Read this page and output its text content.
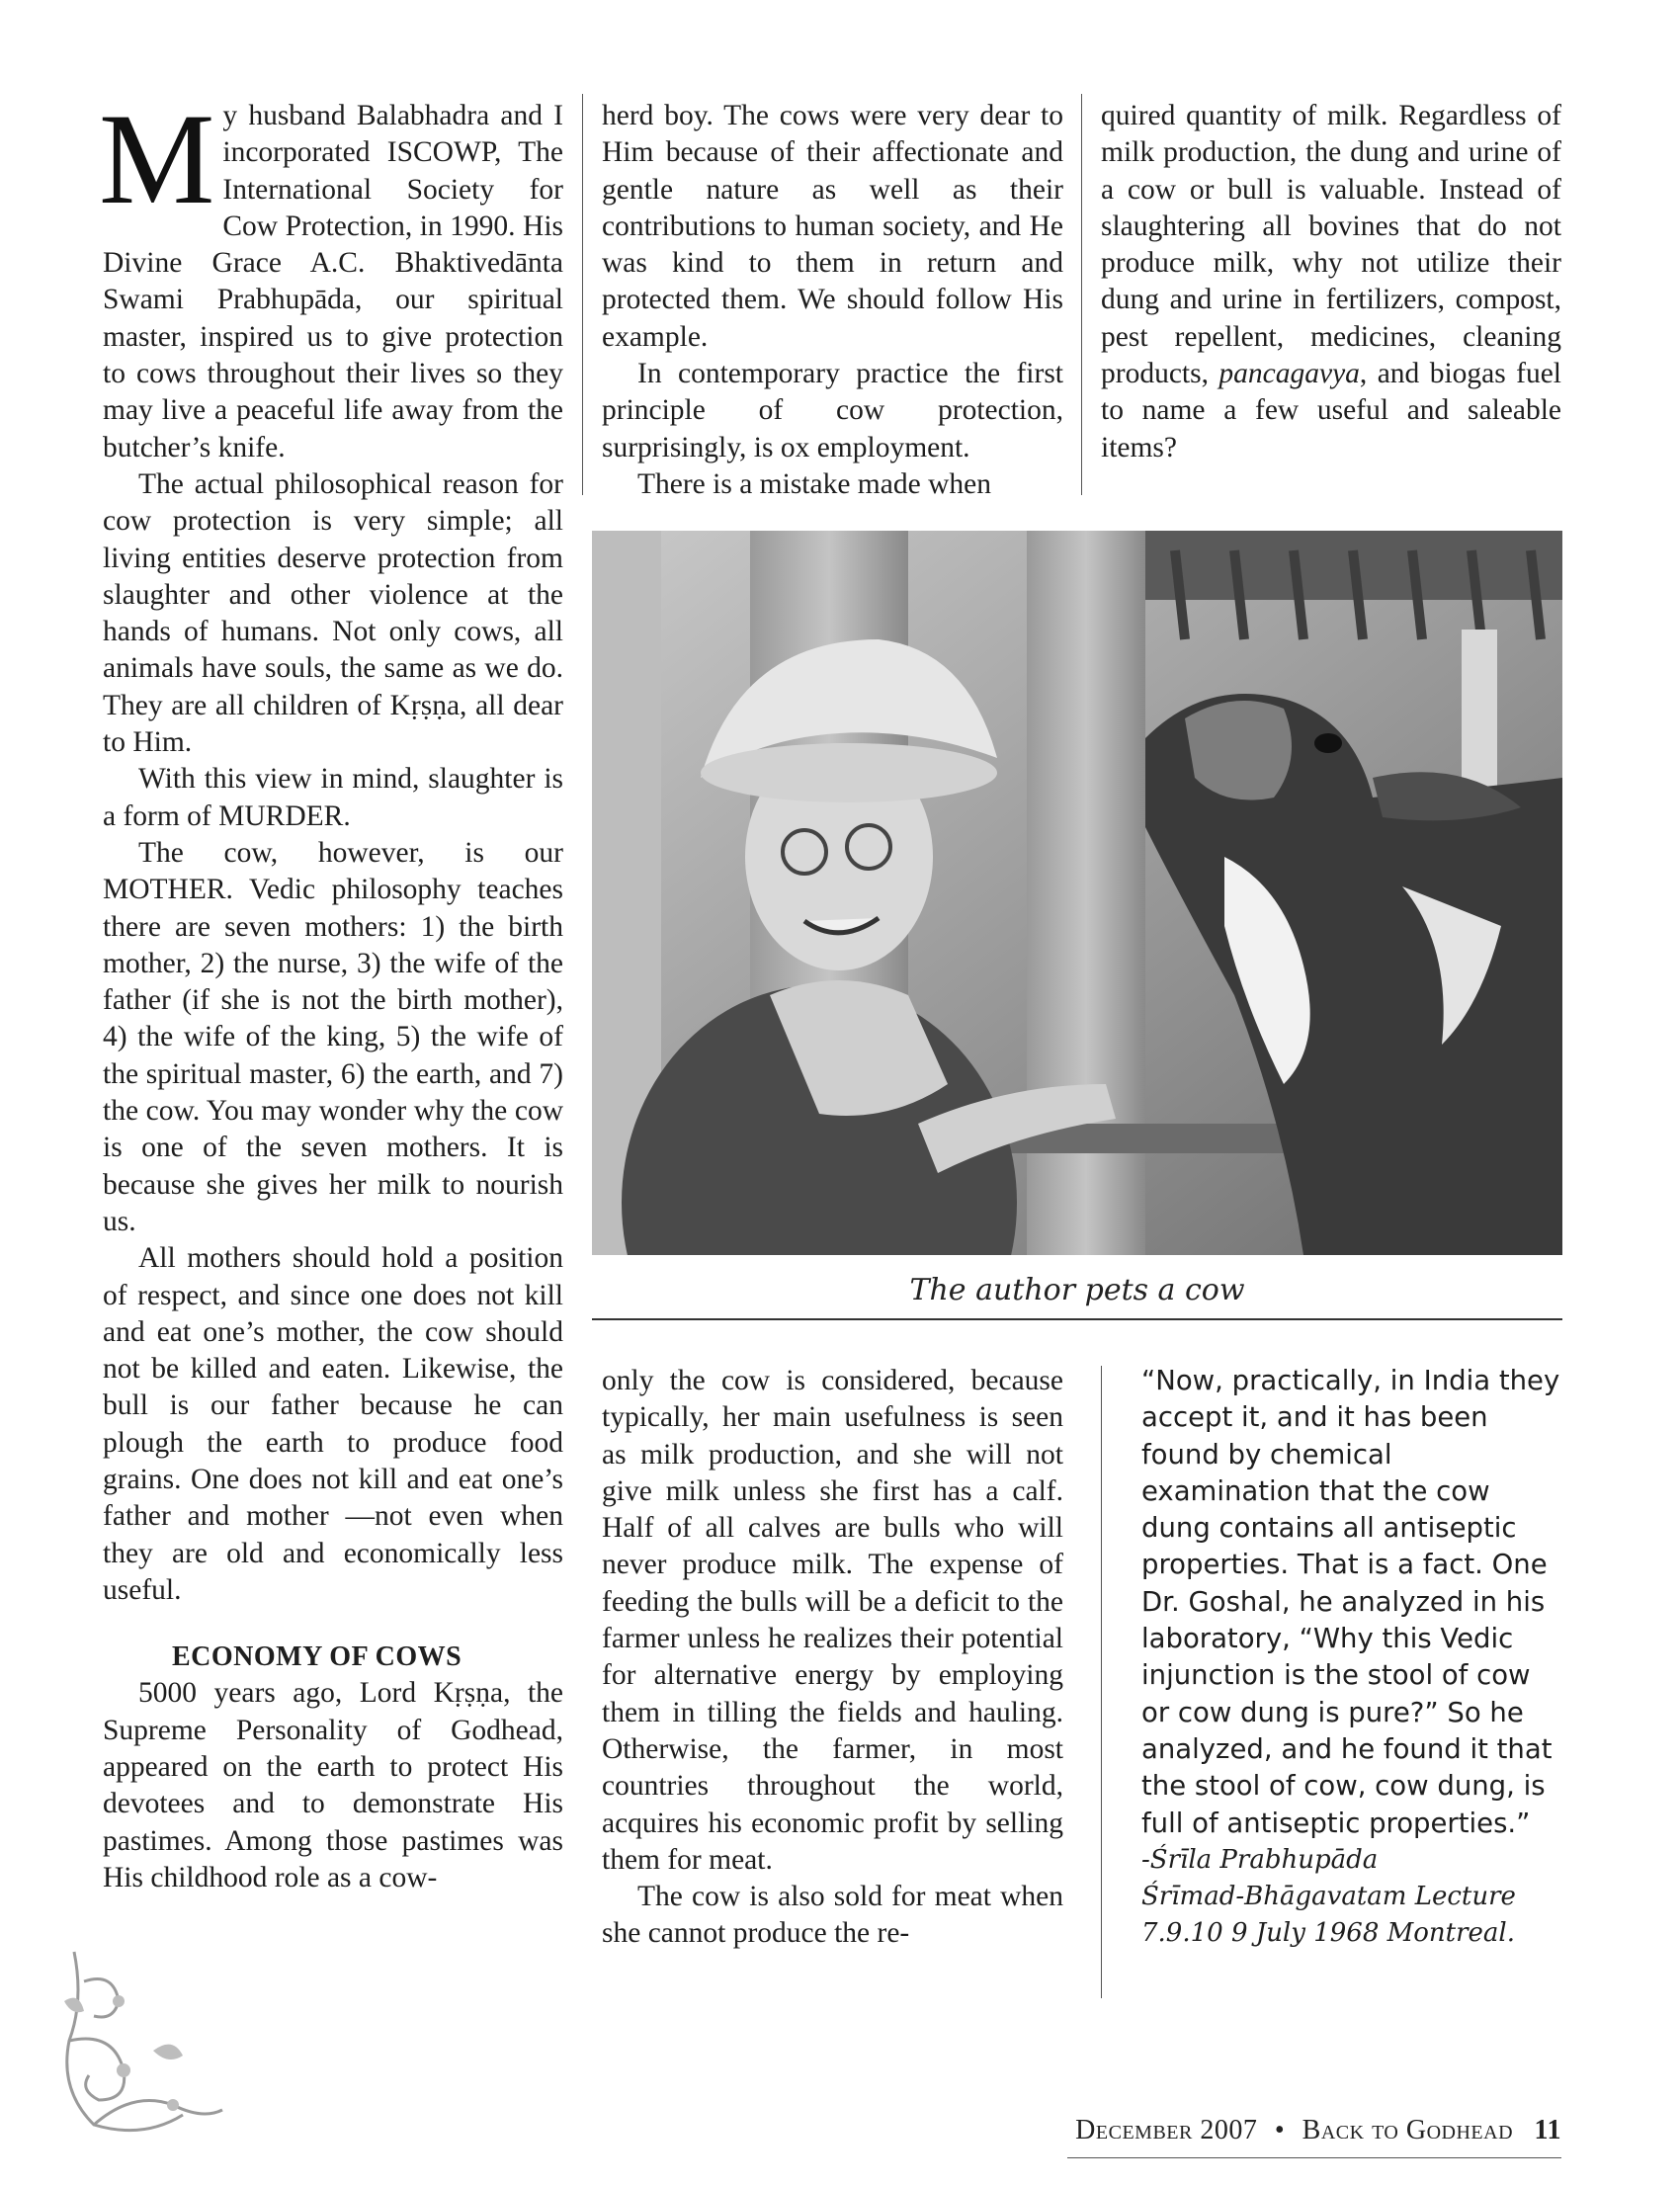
My husband Balabhadra and I incorporated ISCOWP, The International Society for Cow Protection, in 1990. His Divine Grace A.C. Bhaktivedānta Swami Prabhupāda, our spiritual master, inspired us to give protection to cows throughout their lives so they may live a peaceful life away from the butcher’s knife.

The actual philosophical reason for cow protection is very simple; all living entities deserve protection from slaughter and other violence at the hands of humans. Not only cows, all animals have souls, the same as we do. They are all children of Kṛṣṇa, all dear to Him.

With this view in mind, slaughter is a form of MURDER.

The cow, however, is our MOTHER. Vedic philosophy teaches there are seven mothers: 1) the birth mother, 2) the nurse, 3) the wife of the father (if she is not the birth mother), 4) the wife of the king, 5) the wife of the spiritual master, 6) the earth, and 7) the cow. You may wonder why the cow is one of the seven mothers. It is because she gives her milk to nourish us.

All mothers should hold a position of respect, and since one does not kill and eat one’s mother, the cow should not be killed and eaten. Likewise, the bull is our father because he can plough the earth to produce food grains. One does not kill and eat one’s father and mother —not even when they are old and economically less useful.

ECONOMY OF COWS

5000 years ago, Lord Kṛṣṇa, the Supreme Personality of Godhead, appeared on the earth to protect His devotees and to demonstrate His pastimes. Among those pastimes was His childhood role as a cow-

herd boy. The cows were very dear to Him because of their affectionate and gentle nature as well as their contributions to human society, and He was kind to them in return and protected them. We should follow His example.

In contemporary practice the first principle of cow protection, surprisingly, is ox employment.

There is a mistake made when

quired quantity of milk. Regardless of milk production, the dung and urine of a cow or bull is valuable. Instead of slaughtering all bovines that do not produce milk, why not utilize their dung and urine in fertilizers, compost, pest repellent, medicines, cleaning products, pancagavya, and biogas fuel to name a few useful and saleable items?

The author pets a cow

only the cow is considered, because typically, her main usefulness is seen as milk production, and she will not give milk unless she first has a calf. Half of all calves are bulls who will never produce milk. The expense of feeding the bulls will be a deficit to the farmer unless he realizes their potential for alternative energy by employing them in tilling the fields and hauling. Otherwise, the farmer, in most countries throughout the world, acquires his economic profit by selling them for meat.

The cow is also sold for meat when she cannot produce the re-

“Now, practically, in India they accept it, and it has been found by chemical examination that the cow dung contains all antiseptic properties. That is a fact. One Dr. Goshal, he analyzed in his laboratory, “Why this Vedic injunction is the stool of cow or cow dung is pure?” So he analyzed, and he found it that the stool of cow, cow dung, is full of antiseptic properties.”

-Śrīla Prabhupāda
Śrīmad-Bhāgavatam Lecture
7.9.10 9 July 1968 Montreal.
December 2007 • Back to Godhead 11
